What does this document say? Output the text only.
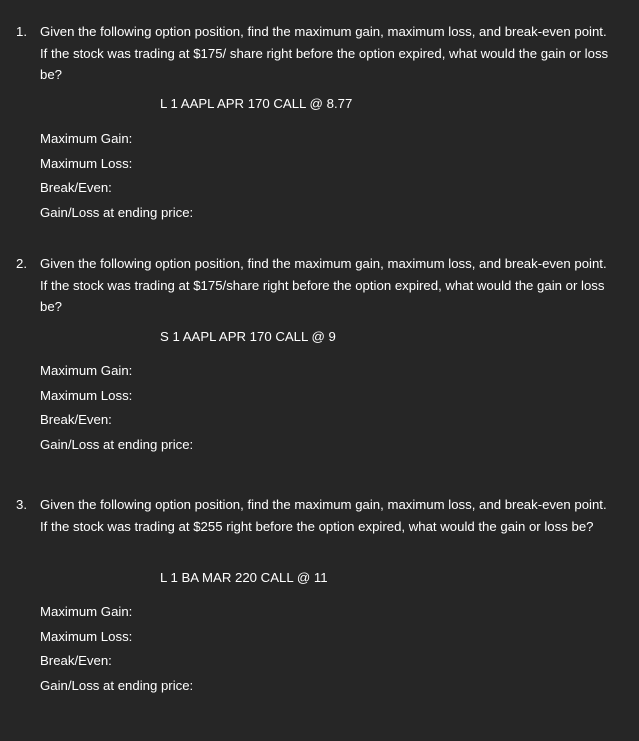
1. Given the following option position, find the maximum gain, maximum loss, and break-even point. If the stock was trading at $175/ share right before the option expired, what would the gain or loss be?
L 1 AAPL APR 170 CALL @ 8.77
Maximum Gain:
Maximum Loss:
Break/Even:
Gain/Loss at ending price:
2. Given the following option position, find the maximum gain, maximum loss, and break-even point. If the stock was trading at $175/share right before the option expired, what would the gain or loss be?
S 1 AAPL APR 170 CALL @ 9
Maximum Gain:
Maximum Loss:
Break/Even:
Gain/Loss at ending price:
3. Given the following option position, find the maximum gain, maximum loss, and break-even point. If the stock was trading at $255 right before the option expired, what would the gain or loss be?
L 1 BA MAR 220 CALL @ 11
Maximum Gain:
Maximum Loss:
Break/Even:
Gain/Loss at ending price:
